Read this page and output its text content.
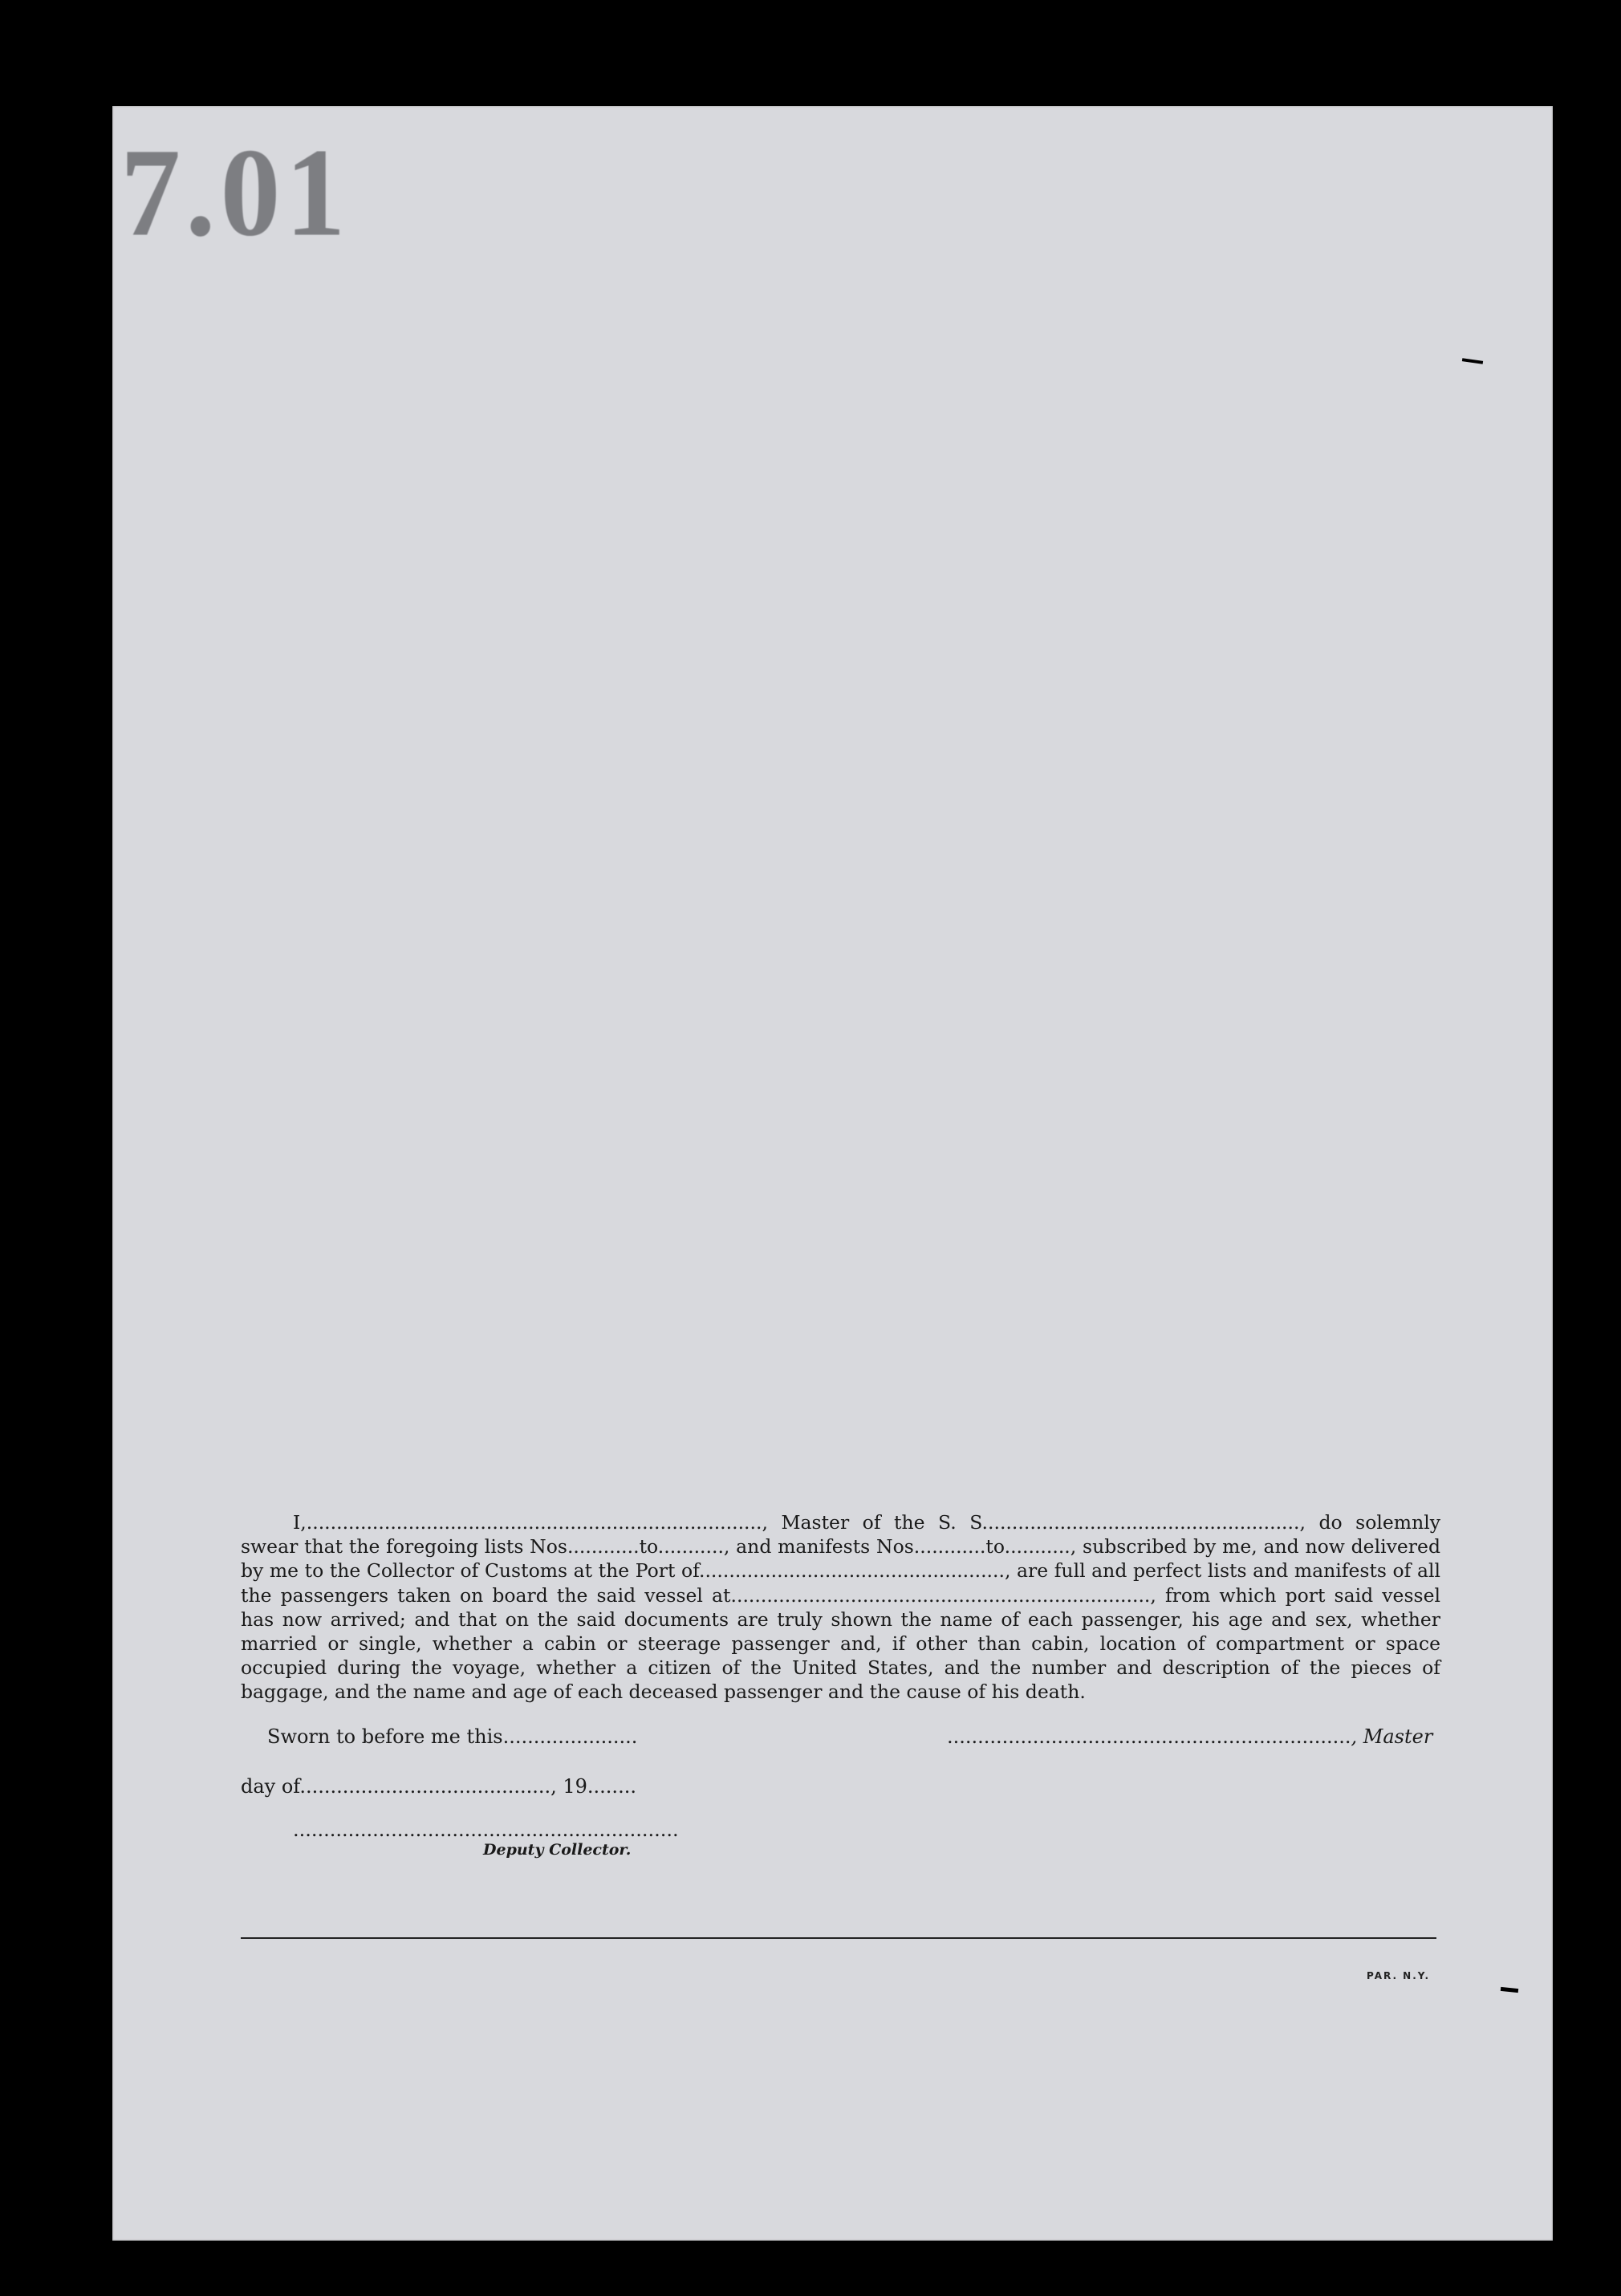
7.01
I,............................................................................, Master of the S. S....................................................., do solemnly swear that the foregoing lists Nos............to..........., and manifests Nos............to..........., subscribed by me, and now delivered by me to the Collector of Customs at the Port of..................................................., are full and perfect lists and manifests of all the passengers taken on board the said vessel at......................................................................, from which port said vessel has now arrived; and that on the said documents are truly shown the name of each passenger, his age and sex, whether married or single, whether a cabin or steerage passenger and, if other than cabin, location of compartment or space occupied during the voyage, whether a citizen of the United States, and the number and description of the pieces of baggage, and the name and age of each deceased passenger and the cause of his death.
Sworn to before me this......................	.................................................................., Master
day of........................................., 19........
...............................................................
Deputy Collector.
PAR. N.Y.
